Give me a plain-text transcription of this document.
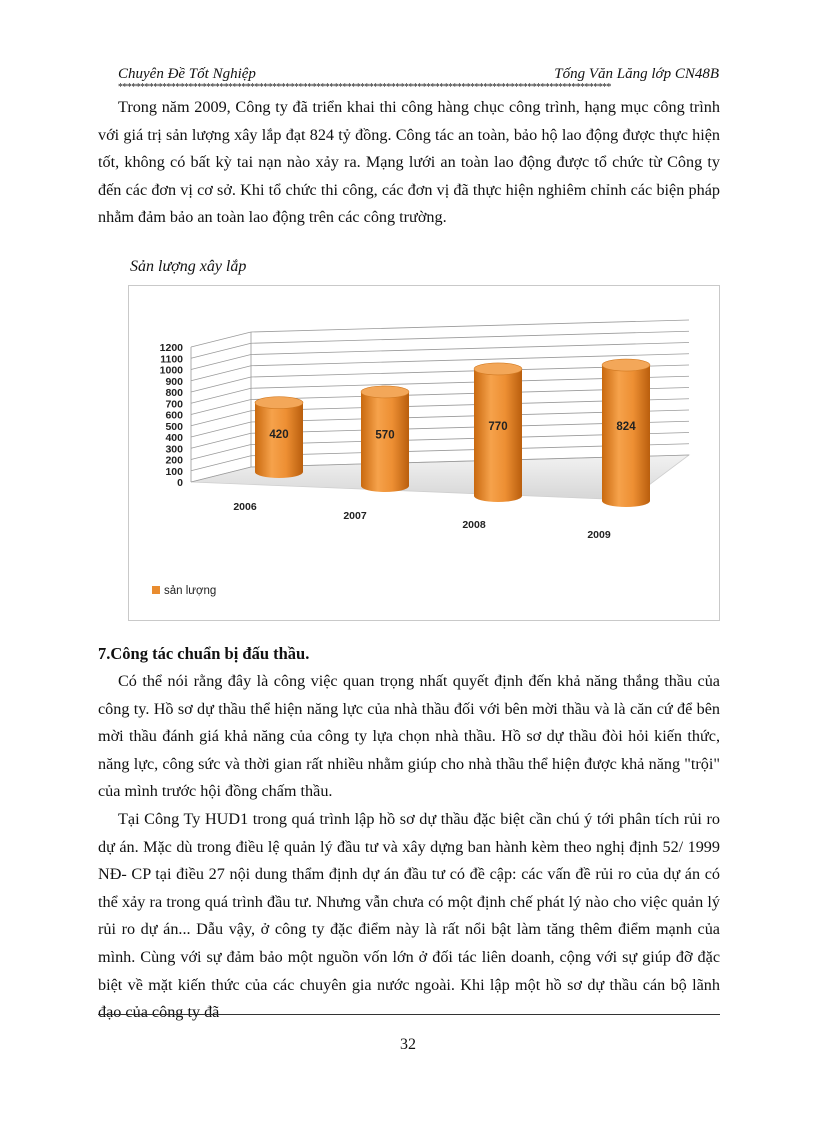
Chuyên Đề Tốt Nghiệp	Tống Văn Lăng lớp CN48B
****************************************************************************************************************

Trong năm 2009, Công ty đã triển khai thi công hàng chục công trình, hạng mục công trình với giá trị sản lượng xây lắp đạt 824 tỷ đồng. Công tác an toàn, bảo hộ lao động được thực hiện tốt, không có bất kỳ tai nạn nào xảy ra. Mạng lưới an toàn lao động được tổ chức từ Công ty đến các đơn vị cơ sở. Khi tổ chức thi công, các đơn vị đã thực hiện nghiêm chỉnh các biện pháp nhằm đảm bảo an toàn lao động trên các công trường.

Sản lượng xây lắp

0
100
200
300
400
500
600
700
800
900
1000
1100
1200
420	570
770	824
2006
2007
2008
2009
sản lượng

7.Công tác chuẩn bị đấu thầu.

Có thể nói rằng đây là công việc quan trọng nhất quyết định đến khả năng thắng thầu của công ty. Hồ sơ dự thầu thể hiện năng lực của nhà thầu đối với bên mời thầu và là căn cứ để bên mời thầu đánh giá khả năng của công ty lựa chọn nhà thầu. Hồ sơ dự thầu đòi hỏi kiến thức, năng lực, công sức và thời gian rất nhiều nhằm giúp cho nhà thầu thể hiện được khả năng "trội" của mình trước hội đồng chấm thầu.

Tại Công Ty HUD1 trong quá trình lập hồ sơ dự thầu đặc biệt cần chú ý tới phân tích rủi ro dự án. Mặc dù trong điều lệ quản lý đầu tư và xây dựng ban hành kèm theo nghị định 52/ 1999 NĐ- CP tại điều 27 nội dung thẩm định dự án đầu tư có đề cập: các vấn đề rủi ro của dự án có thể xảy ra trong quá trình đầu tư. Nhưng vẫn chưa có một định chế phát lý nào cho việc quản lý rủi ro dự án... Dẫu vậy, ở công ty đặc điểm này là rất nổi bật làm tăng thêm điểm mạnh của mình. Cùng với sự đảm bảo một nguồn vốn lớn ở đối tác liên doanh, cộng với sự giúp đỡ đặc biệt về mặt kiến thức của các chuyên gia nước ngoài. Khi lập một hồ sơ dự thầu cán bộ lãnh đạo của công ty đã

32
